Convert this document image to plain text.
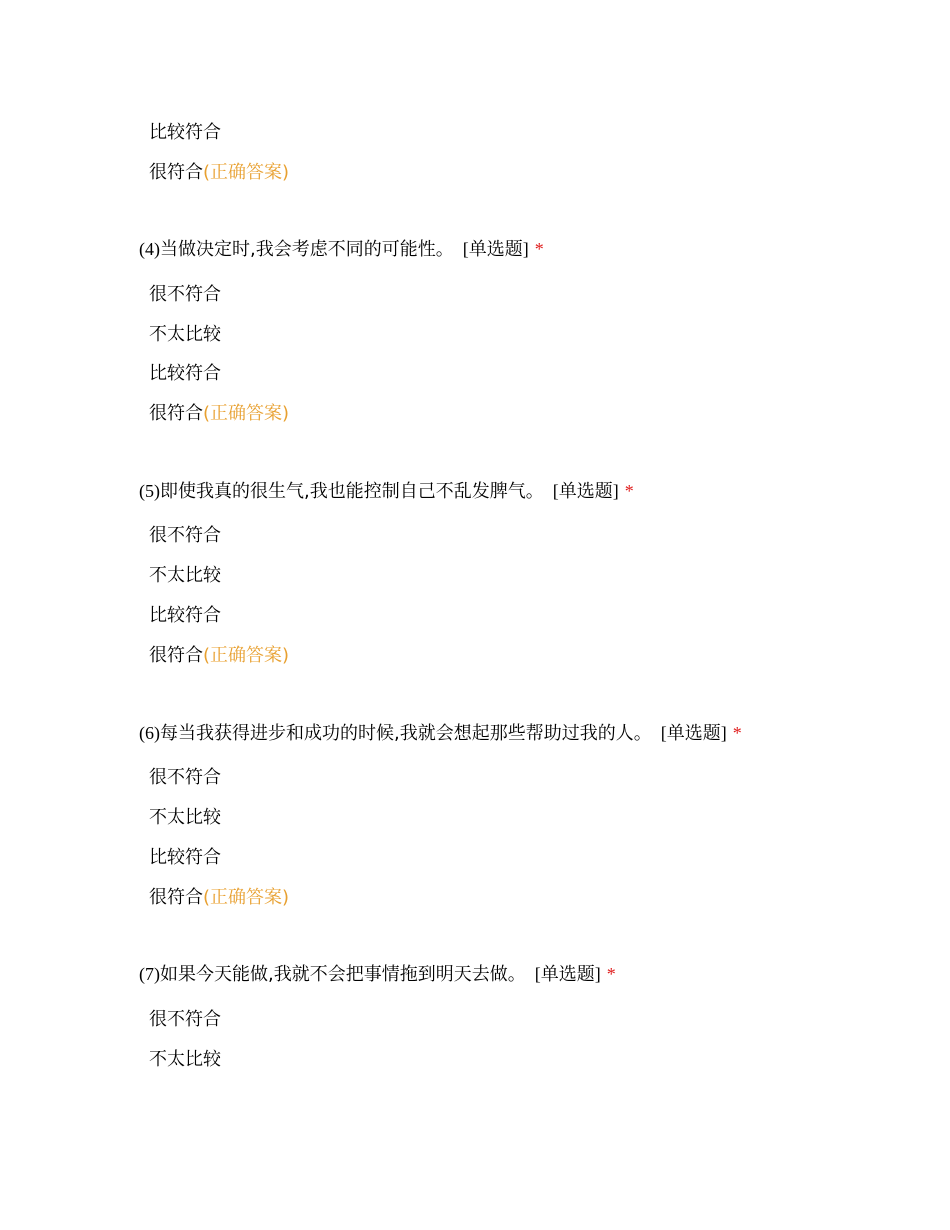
比较符合
很符合(正确答案)
(4)当做决定时,我会考虑不同的可能性。 [单选题] *
很不符合
不太比较
比较符合
很符合(正确答案)
(5)即使我真的很生气,我也能控制自己不乱发脾气。 [单选题] *
很不符合
不太比较
比较符合
很符合(正确答案)
(6)每当我获得进步和成功的时候,我就会想起那些帮助过我的人。 [单选题] *
很不符合
不太比较
比较符合
很符合(正确答案)
(7)如果今天能做,我就不会把事情拖到明天去做。 [单选题] *
很不符合
不太比较
